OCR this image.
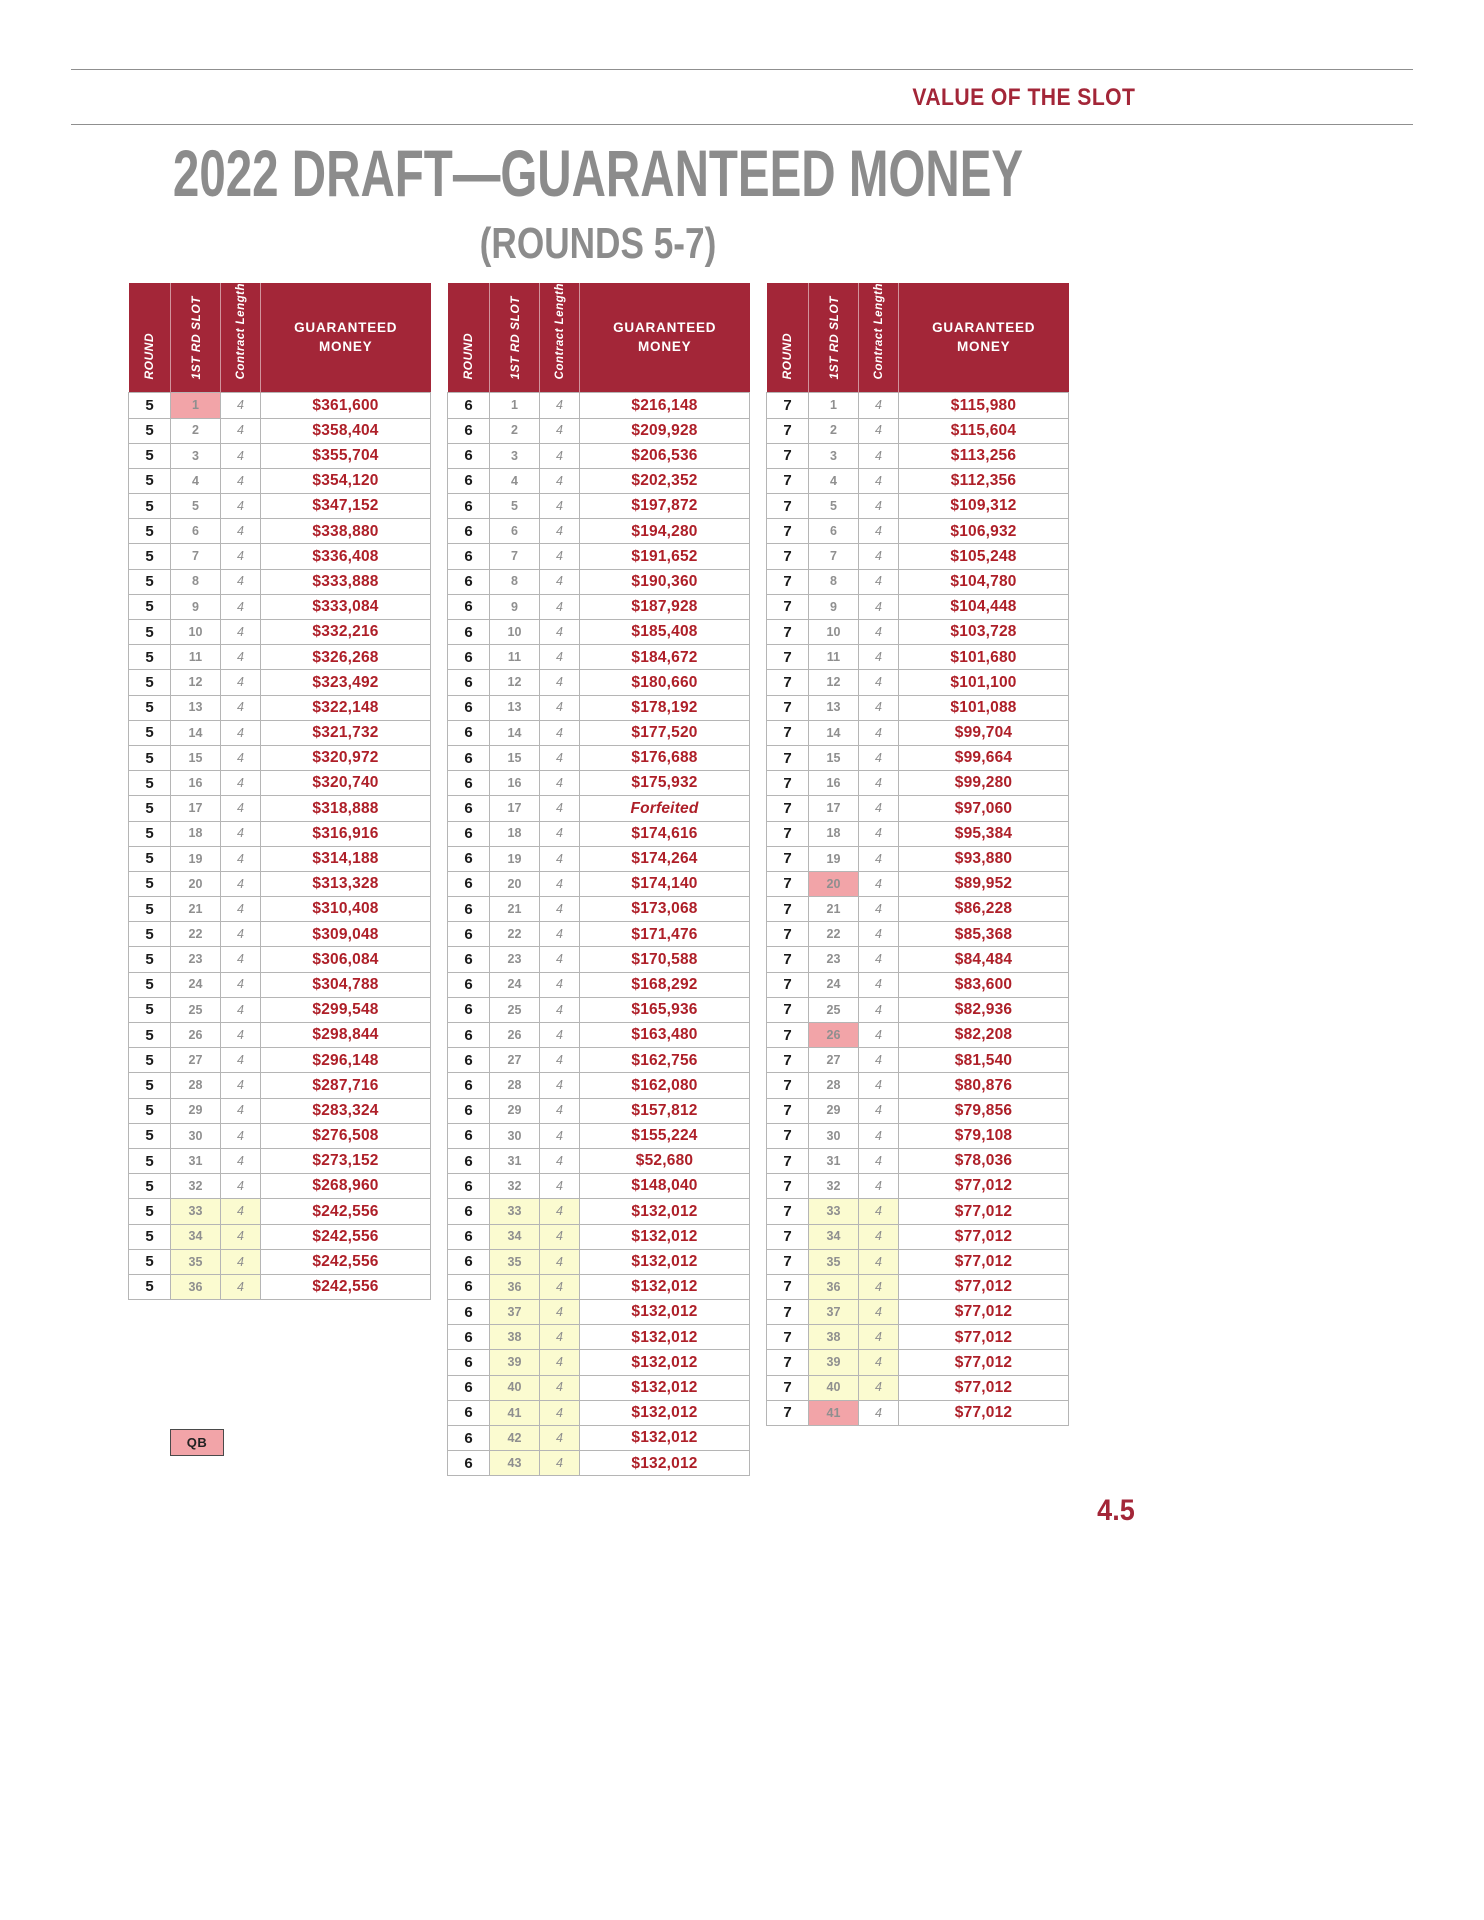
VALUE OF THE SLOT
2022 DRAFT—GUARANTEED MONEY
(ROUNDS 5-7)
ROUND	1ST RD SLOT	Contract Length	GUARANTEED MONEY

5	1	4	$361,600
5	2	4	$358,404
5	3	4	$355,704
5	4	4	$354,120
5	5	4	$347,152
5	6	4	$338,880
5	7	4	$336,408
5	8	4	$333,888
5	9	4	$333,084
5	10	4	$332,216
5	11	4	$326,268
5	12	4	$323,492
5	13	4	$322,148
5	14	4	$321,732
5	15	4	$320,972
5	16	4	$320,740
5	17	4	$318,888
5	18	4	$316,916
5	19	4	$314,188
5	20	4	$313,328
5	21	4	$310,408
5	22	4	$309,048
5	23	4	$306,084
5	24	4	$304,788
5	25	4	$299,548
5	26	4	$298,844
5	27	4	$296,148
5	28	4	$287,716
5	29	4	$283,324
5	30	4	$276,508
5	31	4	$273,152
5	32	4	$268,960
5	33	4	$242,556
5	34	4	$242,556
5	35	4	$242,556
5	36	4	$242,556
ROUND	1ST RD SLOT	Contract Length	GUARANTEED MONEY

6	1	4	$216,148
6	2	4	$209,928
6	3	4	$206,536
6	4	4	$202,352
6	5	4	$197,872
6	6	4	$194,280
6	7	4	$191,652
6	8	4	$190,360
6	9	4	$187,928
6	10	4	$185,408
6	11	4	$184,672
6	12	4	$180,660
6	13	4	$178,192
6	14	4	$177,520
6	15	4	$176,688
6	16	4	$175,932
6	17	4	Forfeited
6	18	4	$174,616
6	19	4	$174,264
6	20	4	$174,140
6	21	4	$173,068
6	22	4	$171,476
6	23	4	$170,588
6	24	4	$168,292
6	25	4	$165,936
6	26	4	$163,480
6	27	4	$162,756
6	28	4	$162,080
6	29	4	$157,812
6	30	4	$155,224
6	31	4	$52,680
6	32	4	$148,040
6	33	4	$132,012
6	34	4	$132,012
6	35	4	$132,012
6	36	4	$132,012
6	37	4	$132,012
6	38	4	$132,012
6	39	4	$132,012
6	40	4	$132,012
6	41	4	$132,012
6	42	4	$132,012
6	43	4	$132,012
ROUND	1ST RD SLOT	Contract Length	GUARANTEED MONEY

7	1	4	$115,980
7	2	4	$115,604
7	3	4	$113,256
7	4	4	$112,356
7	5	4	$109,312
7	6	4	$106,932
7	7	4	$105,248
7	8	4	$104,780
7	9	4	$104,448
7	10	4	$103,728
7	11	4	$101,680
7	12	4	$101,100
7	13	4	$101,088
7	14	4	$99,704
7	15	4	$99,664
7	16	4	$99,280
7	17	4	$97,060
7	18	4	$95,384
7	19	4	$93,880
7	20	4	$89,952
7	21	4	$86,228
7	22	4	$85,368
7	23	4	$84,484
7	24	4	$83,600
7	25	4	$82,936
7	26	4	$82,208
7	27	4	$81,540
7	28	4	$80,876
7	29	4	$79,856
7	30	4	$79,108
7	31	4	$78,036
7	32	4	$77,012
7	33	4	$77,012
7	34	4	$77,012
7	35	4	$77,012
7	36	4	$77,012
7	37	4	$77,012
7	38	4	$77,012
7	39	4	$77,012
7	40	4	$77,012
7	41	4	$77,012
QB
4.5
